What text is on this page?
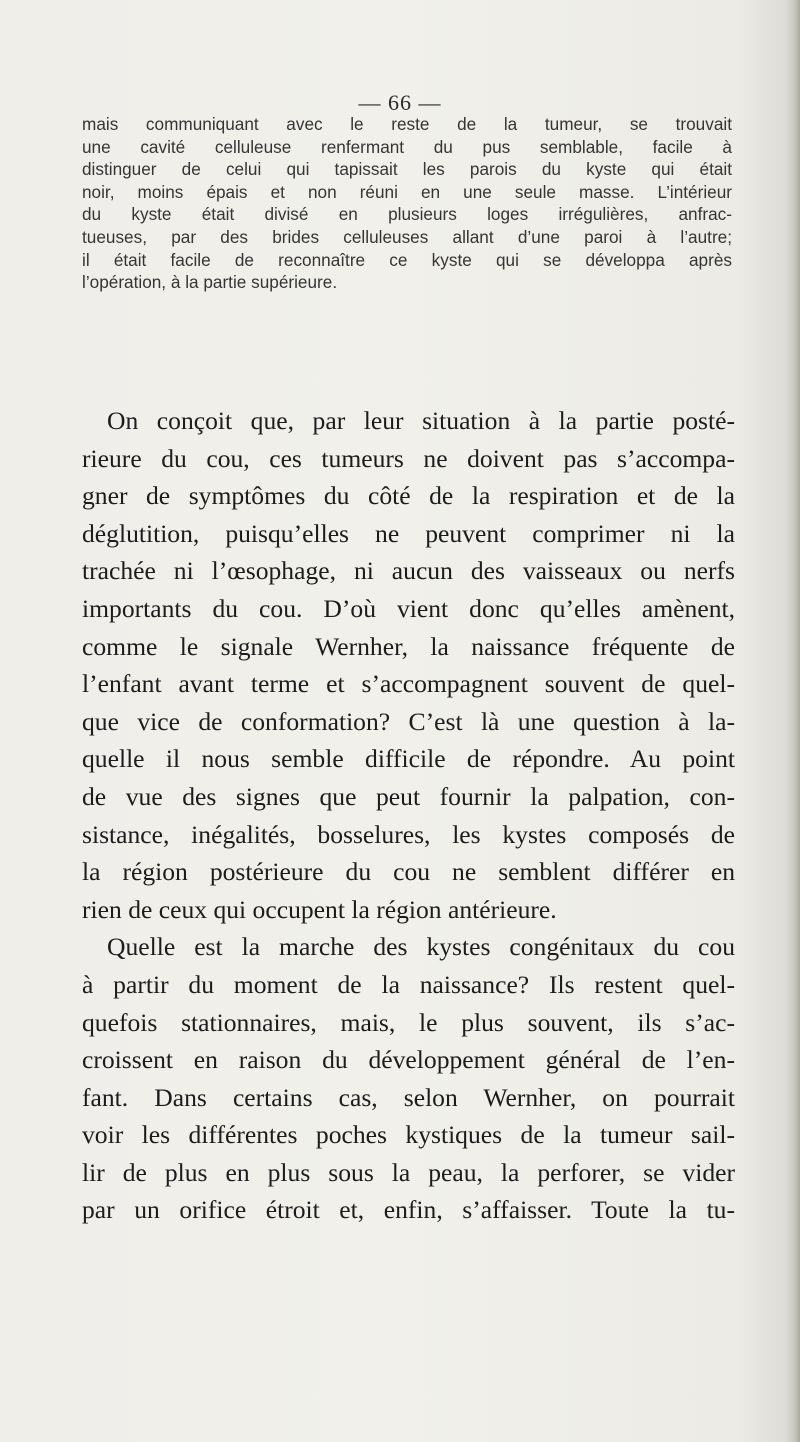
— 66 —
mais communiquant avec le reste de la tumeur, se trouvait
une cavité celluleuse renfermant du pus semblable, facile à
distinguer de celui qui tapissait les parois du kyste qui était
noir, moins épais et non réuni en une seule masse. L’intérieur
du kyste était divisé en plusieurs loges irrégulières, anfrac-
tueuses, par des brides celluleuses allant d’une paroi à l’autre;
il était facile de reconnaître ce kyste qui se développa après
l’opération, à la partie supérieure.
On conçoit que, par leur situation à la partie posté-
rieure du cou, ces tumeurs ne doivent pas s’accompa-
gner de symptômes du côté de la respiration et de la
déglutition, puisqu’elles ne peuvent comprimer ni la
trachée ni l’œsophage, ni aucun des vaisseaux ou nerfs
importants du cou. D’où vient donc qu’elles amènent,
comme le signale Wernher, la naissance fréquente de
l’enfant avant terme et s’accompagnent souvent de quel-
que vice de conformation? C’est là une question à la-
quelle il nous semble difficile de répondre. Au point
de vue des signes que peut fournir la palpation, con-
sistance, inégalités, bosselures, les kystes composés de
la région postérieure du cou ne semblent différer en
rien de ceux qui occupent la région antérieure.
Quelle est la marche des kystes congénitaux du cou
à partir du moment de la naissance? Ils restent quel-
quefois stationnaires, mais, le plus souvent, ils s’ac-
croissent en raison du développement général de l’en-
fant. Dans certains cas, selon Wernher, on pourrait
voir les différentes poches kystiques de la tumeur sail-
lir de plus en plus sous la peau, la perforer, se vider
par un orifice étroit et, enfin, s’affaisser. Toute la tu-
